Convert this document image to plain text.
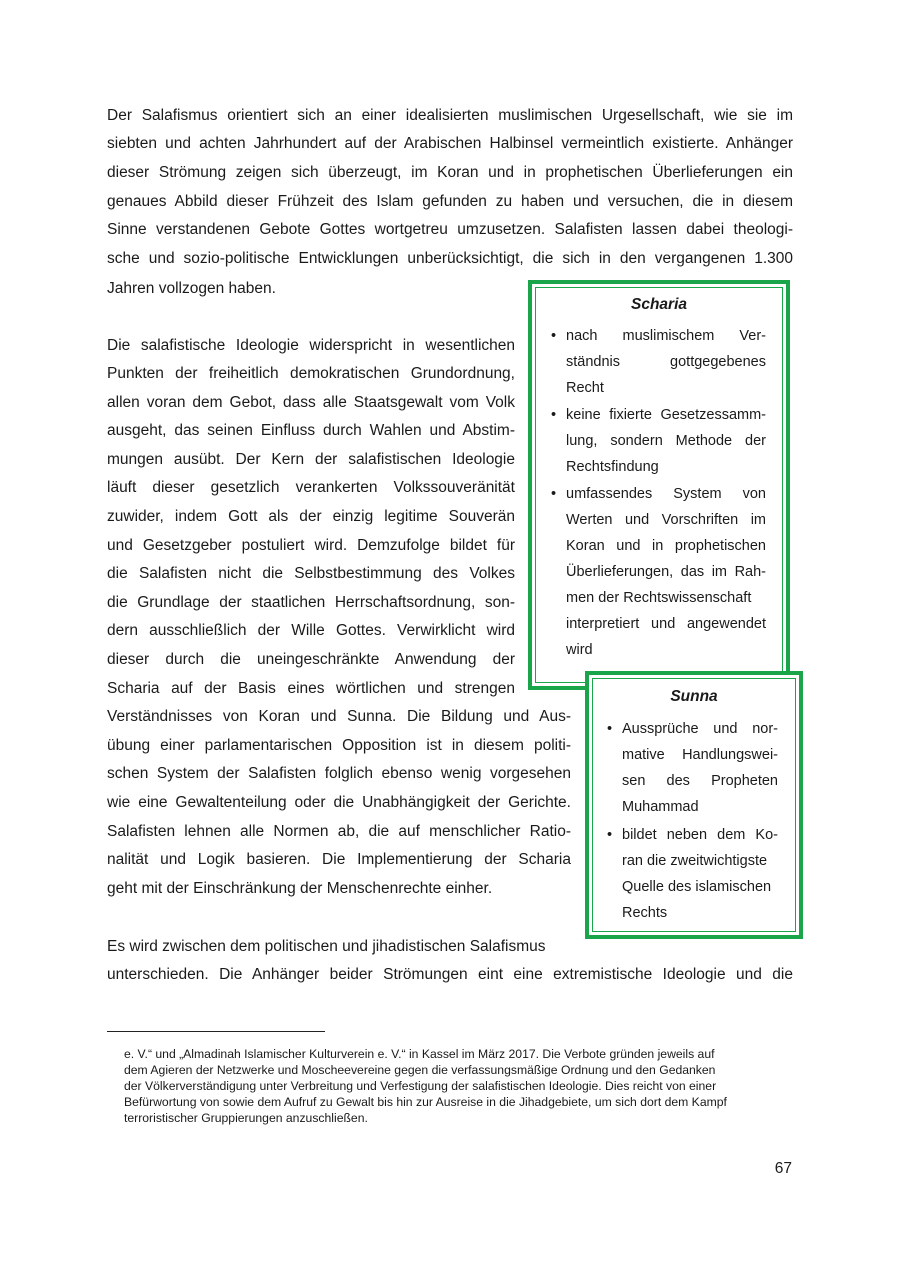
Der Salafismus orientiert sich an einer idealisierten muslimischen Urgesellschaft, wie sie im
siebten und achten Jahrhundert auf der Arabischen Halbinsel vermeintlich existierte. Anhänger
dieser Strömung zeigen sich überzeugt, im Koran und in prophetischen Überlieferungen ein
genaues Abbild dieser Frühzeit des Islam gefunden zu haben und versuchen, die in diesem
Sinne verstandenen Gebote Gottes wortgetreu umzusetzen. Salafisten lassen dabei theologi-
sche und sozio-politische Entwicklungen unberücksichtigt, die sich in den vergangenen 1.300
Jahren vollzogen haben.
Die salafistische Ideologie widerspricht in wesentlichen
Punkten der freiheitlich demokratischen Grundordnung,
allen voran dem Gebot, dass alle Staatsgewalt vom Volk
ausgeht, das seinen Einfluss durch Wahlen und Abstim-
mungen ausübt. Der Kern der salafistischen Ideologie
läuft dieser gesetzlich verankerten Volkssouveränität
zuwider, indem Gott als der einzig legitime Souverän
und Gesetzgeber postuliert wird. Demzufolge bildet für
die Salafisten nicht die Selbstbestimmung des Volkes
die Grundlage der staatlichen Herrschaftsordnung, son-
dern ausschließlich der Wille Gottes. Verwirklicht wird
dieser durch die uneingeschränkte Anwendung der
Scharia auf der Basis eines wörtlichen und strengen
Verständnisses von Koran und Sunna. Die Bildung und Aus-
übung einer parlamentarischen Opposition ist in diesem politi-
schen System der Salafisten folglich ebenso wenig vorgesehen
wie eine Gewaltenteilung oder die Unabhängigkeit der Gerichte.
Salafisten lehnen alle Normen ab, die auf menschlicher Ratio-
nalität und Logik basieren. Die Implementierung der Scharia
geht mit der Einschränkung der Menschenrechte einher.
Es wird zwischen dem politischen und jihadistischen Salafismus
unterschieden. Die Anhänger beider Strömungen eint eine extremistische Ideologie und die
Scharia
• nach muslimischem Ver-
ständnis gottgegebenes
Recht
• keine fixierte Gesetzessamm-
lung, sondern Methode der
Rechtsfindung
• umfassendes System von
Werten und Vorschriften im
Koran und in prophetischen
Überlieferungen, das im Rah-
men der Rechtswissenschaft
interpretiert und angewendet
wird
Sunna
• Aussprüche und nor-
mative Handlungswei-
sen des Propheten
Muhammad
• bildet neben dem Ko-
ran die zweitwichtigste
Quelle des islamischen
Rechts
e. V.“ und „Almadinah Islamischer Kulturverein e. V.“ in Kassel im März 2017. Die Verbote gründen jeweils auf
dem Agieren der Netzwerke und Moscheevereine gegen die verfassungsmäßige Ordnung und den Gedanken
der Völkerverständigung unter Verbreitung und Verfestigung der salafistischen Ideologie. Dies reicht von einer
Befürwortung von sowie dem Aufruf zu Gewalt bis hin zur Ausreise in die Jihadgebiete, um sich dort dem Kampf
terroristischer Gruppierungen anzuschließen.
67
